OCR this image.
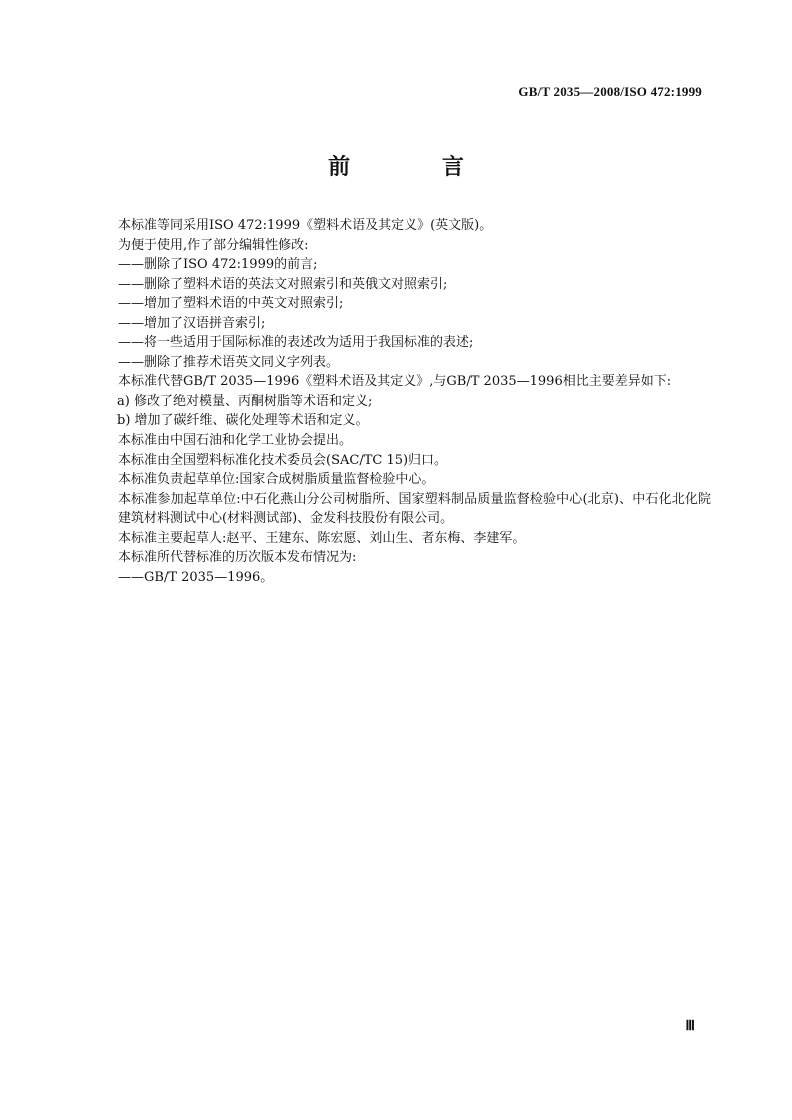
GB/T 2035—2008/ISO 472:1999
前 言
本标准等同采用ISO 472:1999《塑料术语及其定义》(英文版)。
为便于使用,作了部分编辑性修改:
——删除了ISO 472:1999的前言;
——删除了塑料术语的英法文对照索引和英俄文对照索引;
——增加了塑料术语的中英文对照索引;
——增加了汉语拼音索引;
——将一些适用于国际标准的表述改为适用于我国标准的表述;
——删除了推荐术语英文同义字列表。
本标准代替GB/T 2035—1996《塑料术语及其定义》,与GB/T 2035—1996相比主要差异如下:
a) 修改了绝对模量、丙酮树脂等术语和定义;
b) 增加了碳纤维、碳化处理等术语和定义。
本标准由中国石油和化学工业协会提出。
本标准由全国塑料标准化技术委员会(SAC/TC 15)归口。
本标准负责起草单位:国家合成树脂质量监督检验中心。
本标准参加起草单位:中石化燕山分公司树脂所、国家塑料制品质量监督检验中心(北京)、中石化北化院建筑材料测试中心(材料测试部)、金发科技股份有限公司。
本标准主要起草人:赵平、王建东、陈宏愿、刘山生、者东梅、李建军。
本标准所代替标准的历次版本发布情况为:
——GB/T 2035—1996。
Ⅲ
